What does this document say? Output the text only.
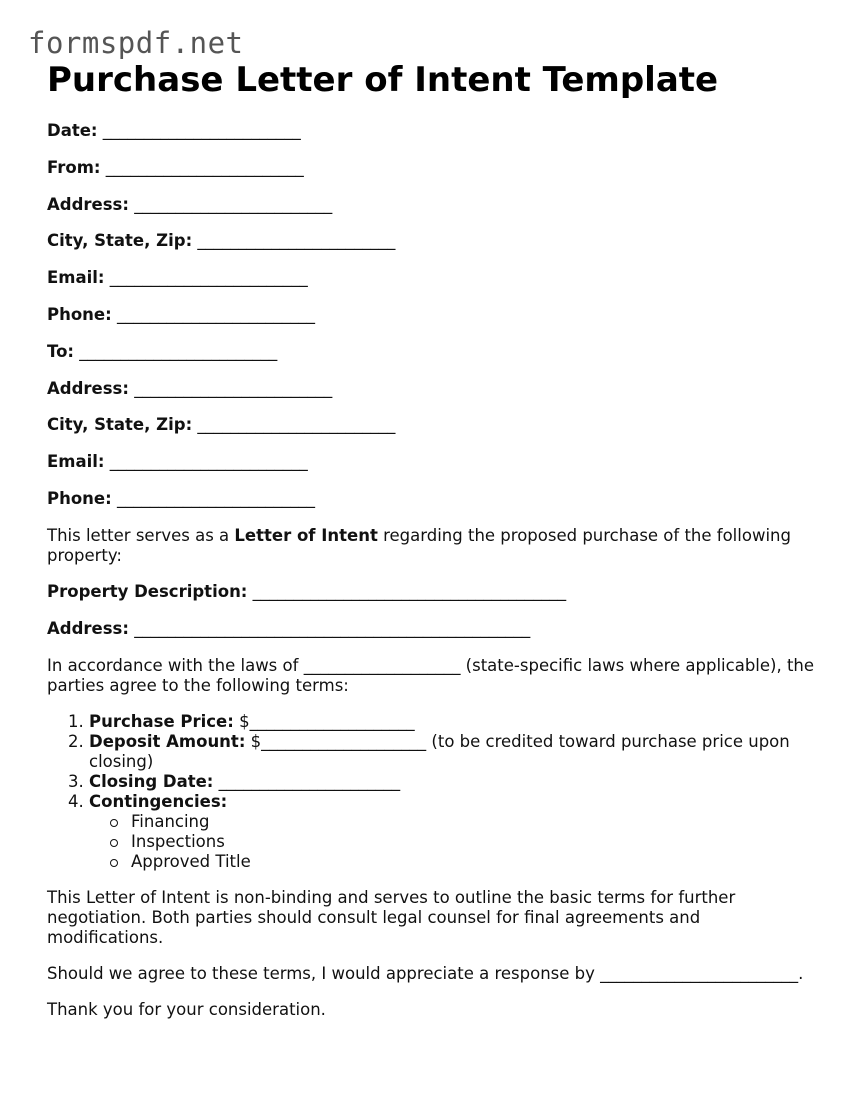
formspdf.net
Purchase Letter of Intent Template
Date: ________________________
From: ________________________
Address: ________________________
City, State, Zip: ________________________
Email: ________________________
Phone: ________________________
To: ________________________
Address: ________________________
City, State, Zip: ________________________
Email: ________________________
Phone: ________________________

This letter serves as a Letter of Intent regarding the proposed purchase of the following property:

Property Description: ______________________________________
Address: ________________________________________________

In accordance with the laws of ___________________ (state-specific laws where applicable), the parties agree to the following terms:

1. Purchase Price: $____________________
2. Deposit Amount: $____________________ (to be credited toward purchase price upon closing)
3. Closing Date: ______________________
4. Contingencies:
Financing
Inspections
Approved Title

This Letter of Intent is non-binding and serves to outline the basic terms for further negotiation. Both parties should consult legal counsel for final agreements and modifications.

Should we agree to these terms, I would appreciate a response by ________________________.

Thank you for your consideration.
